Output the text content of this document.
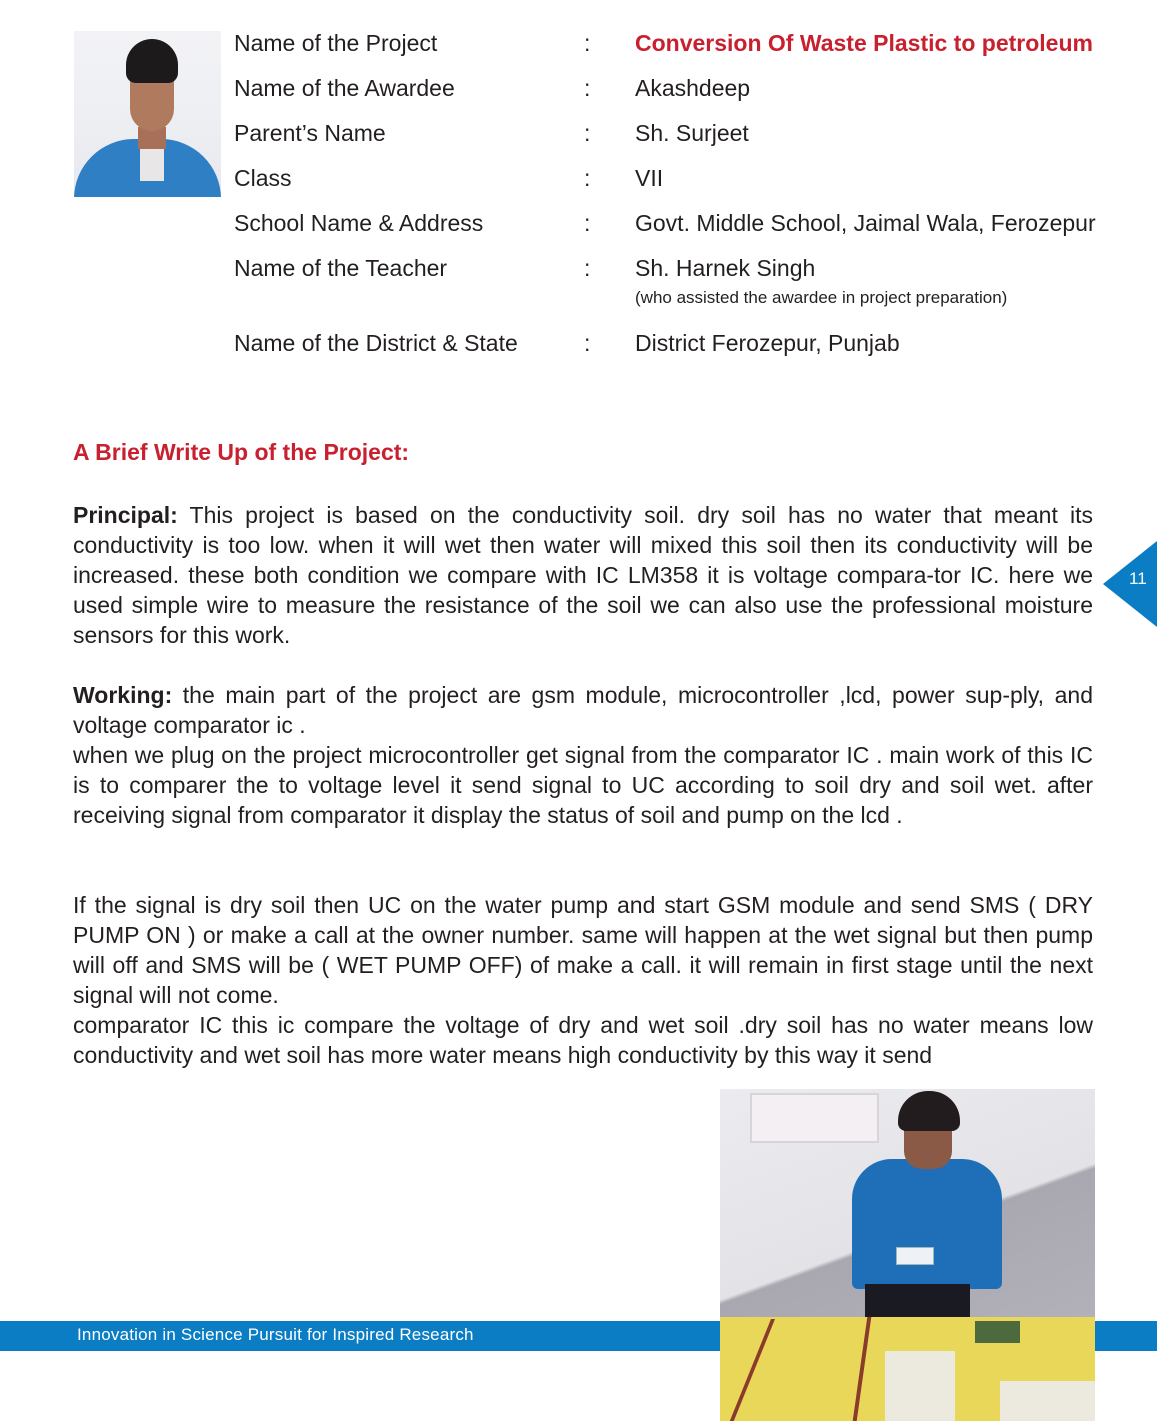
Name of the Project	: Conversion Of Waste Plastic to petroleum
Name of the Awardee	: Akashdeep
Parent’s Name	: Sh. Surjeet
Class	: VII
School Name & Address	: Govt. Middle School, Jaimal Wala, Ferozepur
Name of the Teacher	: Sh. Harnek Singh
(who assisted the awardee in project preparation)
Name of the District & State	: District Ferozepur, Punjab
A Brief Write Up of the Project:
Principal: This project is based on the conductivity soil. dry soil has no water that meant its conductivity is too low. when it will wet then water will mixed this soil then its conductivity will be increased. these both condition we compare with IC LM358 it is voltage compara-tor IC. here we used simple wire to measure the resistance of the soil we can also use the professional moisture sensors for this work.
Working: the main part of the project are gsm module, microcontroller ,lcd, power sup-ply, and voltage comparator ic .
when we plug on the project microcontroller get signal from the comparator IC . main work of this IC is to comparer the to voltage level it send signal to UC according to soil dry and soil wet. after receiving signal from comparator it display the status of soil and pump on the lcd .
If the signal is dry soil then UC on the water pump and start GSM module and send SMS ( DRY PUMP ON ) or make a call at the owner number. same will happen at the wet signal but then pump will off and SMS will be ( WET PUMP OFF) of make a call. it will remain in first stage until the next signal will not come.
comparator IC this ic compare the voltage of dry and wet soil .dry soil has no water means low conductivity and wet soil has more water means high conductivity by this way it send
11
Innovation in Science Pursuit for Inspired Research
